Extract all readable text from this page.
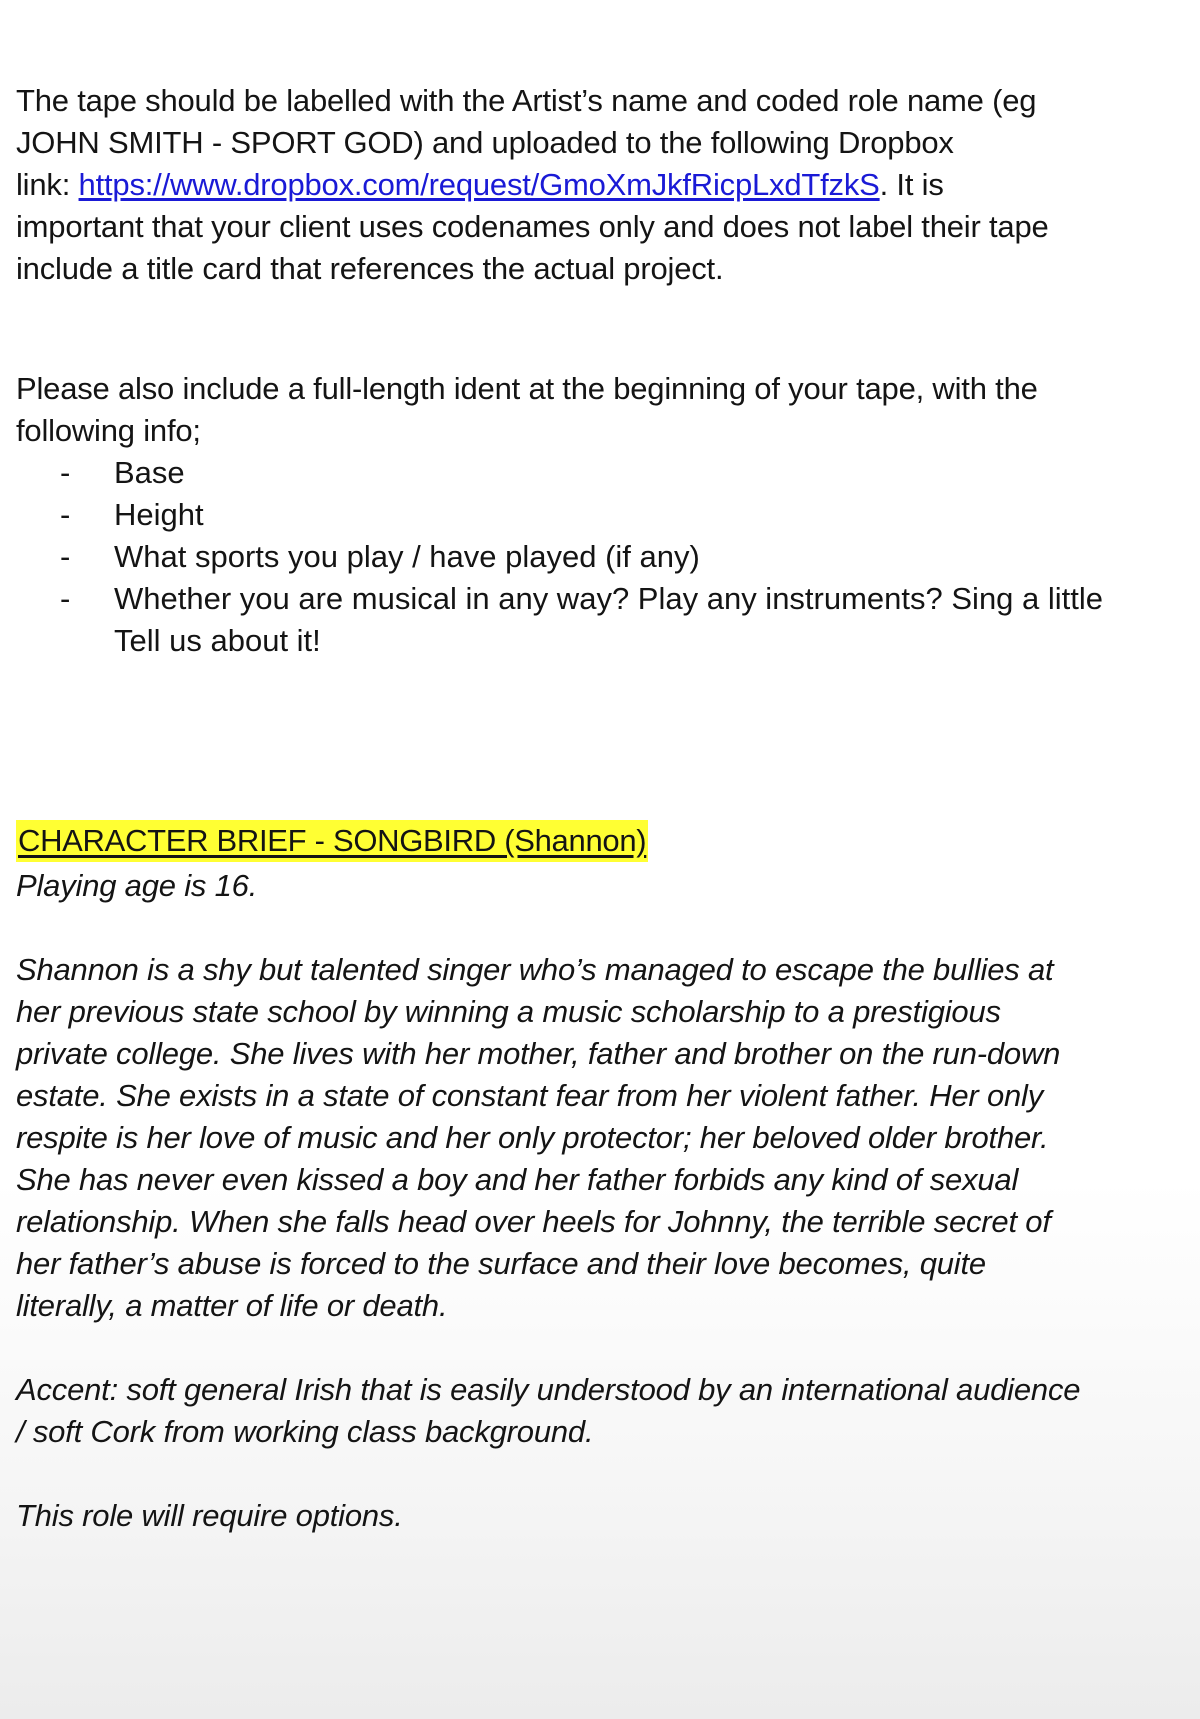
The tape should be labelled with the Artist’s name and coded role name (eg
JOHN SMITH - SPORT GOD) and uploaded to the following Dropbox
link: https://www.dropbox.com/request/GmoXmJkfRicpLxdTfzkS. It is
important that your client uses codenames only and does not label their tape
include a title card that references the actual project.
Please also include a full-length ident at the beginning of your tape, with the
following info;
- Base
- Height
- What sports you play / have played (if any)
- Whether you are musical in any way? Play any instruments? Sing a little
Tell us about it!
CHARACTER BRIEF - SONGBIRD (Shannon)
Playing age is 16.
Shannon is a shy but talented singer who’s managed to escape the bullies at
her previous state school by winning a music scholarship to a prestigious
private college. She lives with her mother, father and brother on the run-down
estate. She exists in a state of constant fear from her violent father. Her only
respite is her love of music and her only protector; her beloved older brother.
She has never even kissed a boy and her father forbids any kind of sexual
relationship. When she falls head over heels for Johnny, the terrible secret of
her father’s abuse is forced to the surface and their love becomes, quite
literally, a matter of life or death.
Accent: soft general Irish that is easily understood by an international audience
/ soft Cork from working class background.
This role will require options.
